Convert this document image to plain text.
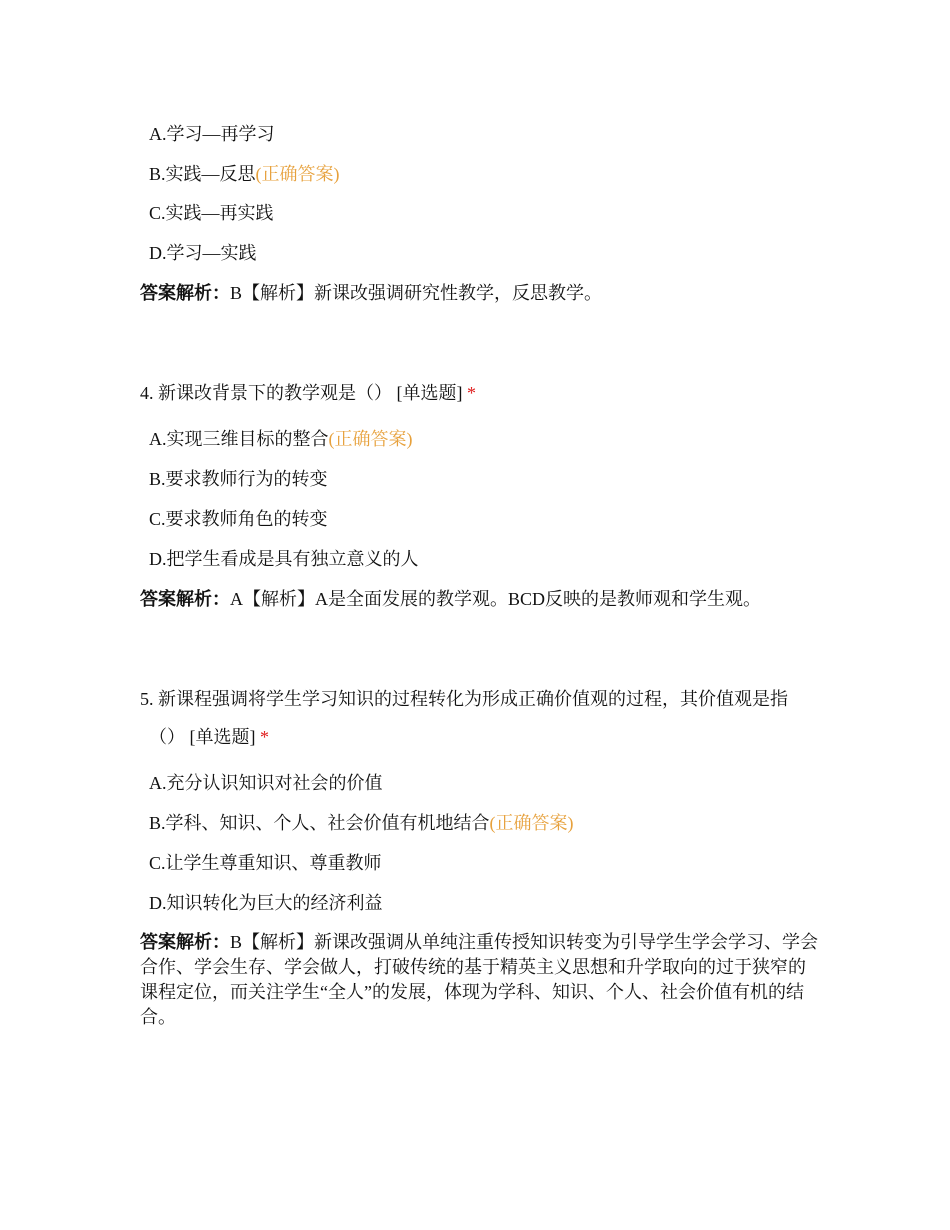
A.学习—再学习
B.实践—反思(正确答案)
C.实践—再实践
D.学习—实践
答案解析：B【解析】新课改强调研究性教学，反思教学。
4. 新课改背景下的教学观是（） [单选题] *
A.实现三维目标的整合(正确答案)
B.要求教师行为的转变
C.要求教师角色的转变
D.把学生看成是具有独立意义的人
答案解析：A【解析】A是全面发展的教学观。BCD反映的是教师观和学生观。
5. 新课程强调将学生学习知识的过程转化为形成正确价值观的过程，其价值观是指
（） [单选题] *
A.充分认识知识对社会的价值
B.学科、知识、个人、社会价值有机地结合(正确答案)
C.让学生尊重知识、尊重教师
D.知识转化为巨大的经济利益
答案解析：B【解析】新课改强调从单纯注重传授知识转变为引导学生学会学习、学会合作、学会生存、学会做人，打破传统的基于精英主义思想和升学取向的过于狭窄的课程定位，而关注学生“全人”的发展，体现为学科、知识、个人、社会价值有机的结合。
